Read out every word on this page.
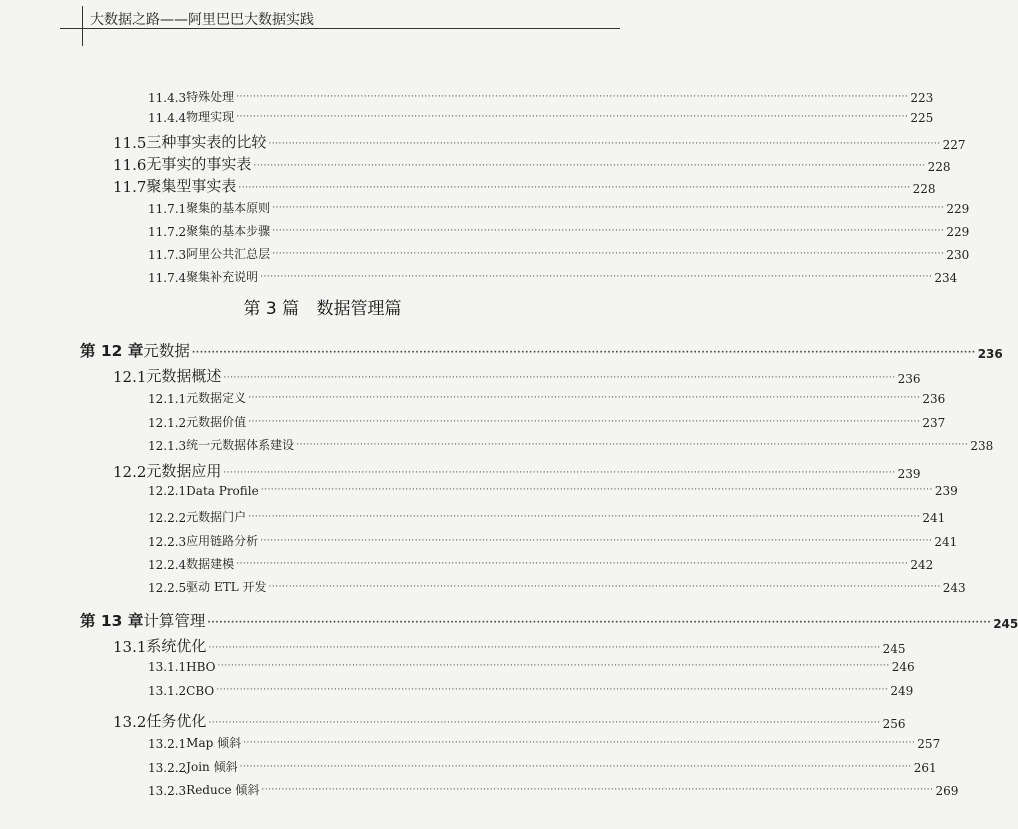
大数据之路——阿里巴巴大数据实践
第 3 篇 数据管理篇
11.4.3 特殊处理 ········································································································································································································ 223
11.4.4 物理实现 ········································································································································································································ 225
11.5 三种事实表的比较 ········································································································································································································ 227
11.6 无事实的事实表 ········································································································································································································ 228
11.7 聚集型事实表 ········································································································································································································ 228
11.7.1 聚集的基本原则 ········································································································································································································ 229
11.7.2 聚集的基本步骤 ········································································································································································································ 229
11.7.3 阿里公共汇总层 ········································································································································································································ 230
11.7.4 聚集补充说明 ········································································································································································································ 234
第 12 章 元数据 ········································································································································································································ 236
12.1 元数据概述 ········································································································································································································ 236
12.1.1 元数据定义 ········································································································································································································ 236
12.1.2 元数据价值 ········································································································································································································ 237
12.1.3 统一元数据体系建设 ········································································································································································································ 238
12.2 元数据应用 ········································································································································································································ 239
12.2.1 Data Profile ········································································································································································································ 239
12.2.2 元数据门户 ········································································································································································································ 241
12.2.3 应用链路分析 ········································································································································································································ 241
12.2.4 数据建模 ········································································································································································································ 242
12.2.5 驱动 ETL 开发 ········································································································································································································ 243
第 13 章 计算管理 ········································································································································································································ 245
13.1 系统优化 ········································································································································································································ 245
13.1.1 HBO ········································································································································································································ 246
13.1.2 CBO ········································································································································································································ 249
13.2 任务优化 ········································································································································································································ 256
13.2.1 Map 倾斜 ········································································································································································································ 257
13.2.2 Join 倾斜 ········································································································································································································ 261
13.2.3 Reduce 倾斜 ········································································································································································································ 269
